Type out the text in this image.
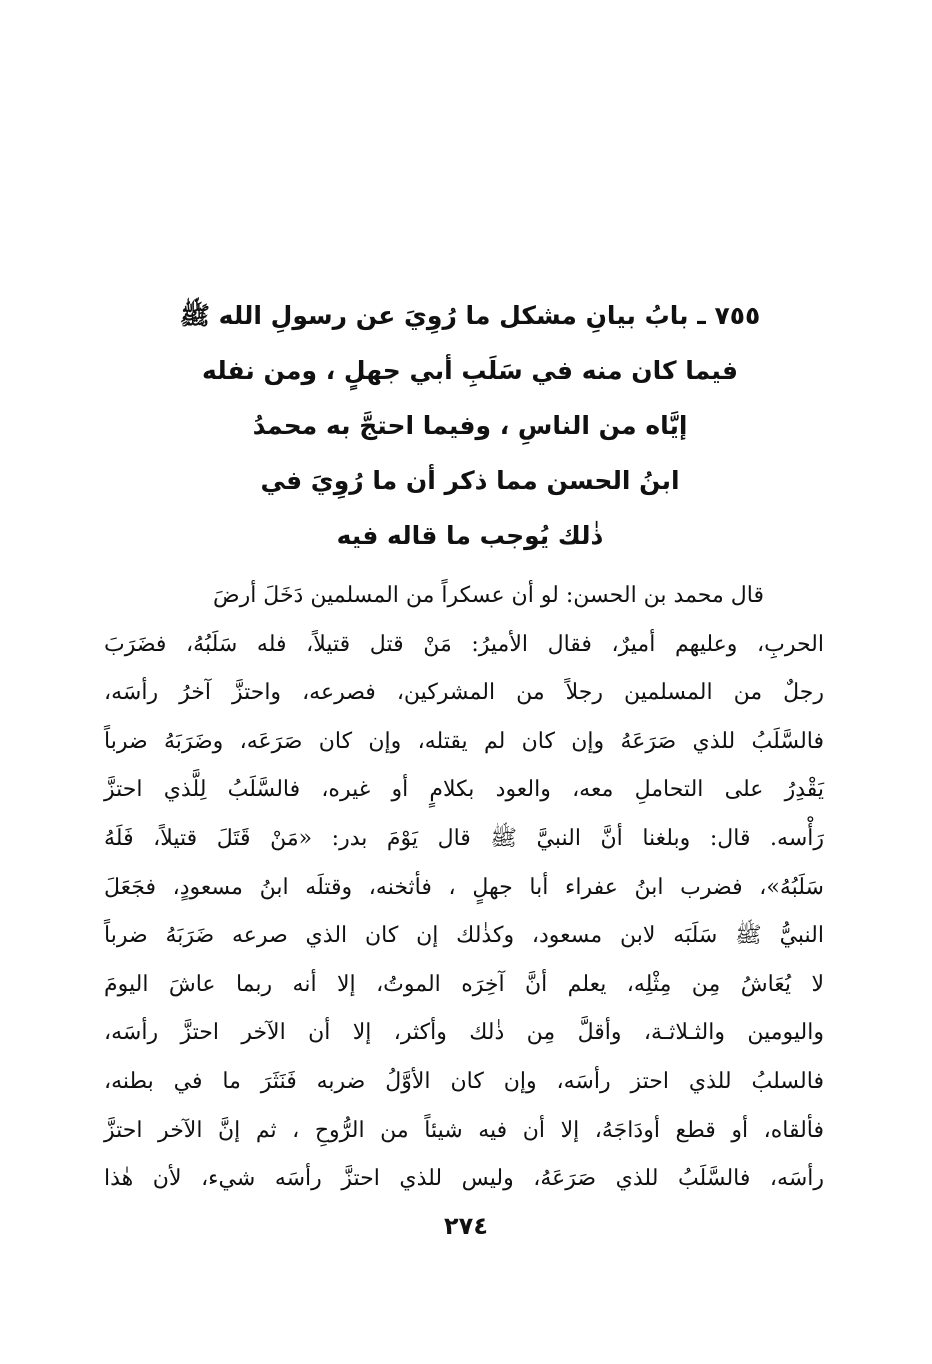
٧٥٥ ـ بابُ بيانِ مشكل ما رُوِيَ عن رسولِ الله ﷺ
فيما كان منه في سَلَبِ أبي جهلٍ ، ومن نفله
إيَّاه من الناسِ ، وفيما احتجَّ به محمدُ
ابنُ الحسن مما ذكر أن ما رُوِيَ في
ذٰلك يُوجب ما قاله فيه
قال محمد بن الحسن: لو أن عسكراً من المسلمين دَخَلَ أرضَ
الحربِ، وعليهم أميرٌ، فقال الأميرُ: مَنْ قتل قتيلاً، فله سَلَبُهُ، فضَرَبَ
رجلٌ من المسلمين رجلاً من المشركين، فصرعه، واحتزَّ آخرُ رأسَه،
فالسَّلَبُ للذي صَرَعَهُ وإن كان لم يقتله، وإن كان صَرَعَه، وضَرَبَهُ ضرباً
يَقْدِرُ على التحاملِ معه، والعود بكلامٍ أو غيره، فالسَّلَبُ لِلَّذي احتزَّ
رَأْسه. قال: وبلغنا أنَّ النبيَّ ﷺ قال يَوْمَ بدر: «مَنْ قَتَلَ قتيلاً، فَلَهُ
سَلَبُهُ»، فضرب ابنُ عفراء أبا جهلٍ ، فأثخنه، وقتلَه ابنُ مسعودٍ، فجَعَلَ
النبيُّ ﷺ سَلَبَه لابن مسعود، وكذٰلك إن كان الذي صرعه ضَرَبَهُ ضرباً
لا يُعَاشُ مِن مِثْلِه، يعلم أنَّ آخِرَه الموتُ، إلا أنه ربما عاشَ اليومَ
واليومين والثـلاثـة، وأقلَّ مِن ذٰلك وأكثر، إلا أن الآخر احتزَّ رأسَه،
فالسلبُ للذي احتز رأسَه، وإن كان الأوَّلُ ضربه فَنَثَرَ ما في بطنه،
فألقاه، أو قطع أودَاجَهُ، إلا أن فيه شيئاً من الرُّوحِ ، ثم إنَّ الآخر احتزَّ
رأسَه، فالسَّلَبُ للذي صَرَعَهُ، وليس للذي احتزَّ رأسَه شيء، لأن هٰذا
٢٧٤
